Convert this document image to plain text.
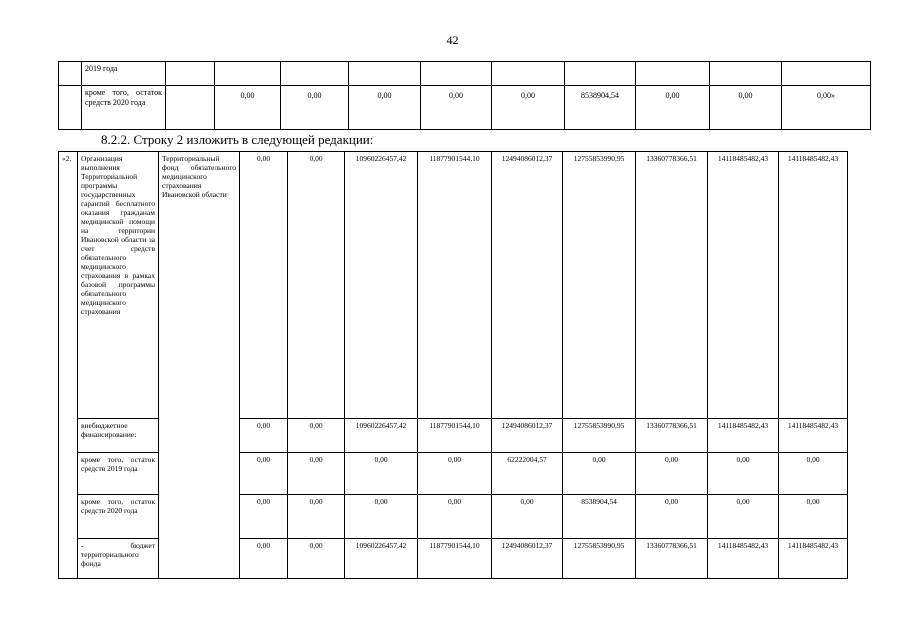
42
	2019 года										
	кроме того, остаток средств 2020 года		0,00	0,00	0,00	0,00	0,00	8538904,54	0,00	0,00	0,00»
8.2.2. Строку 2 изложить в следующей редакции:
«2.	Организация выполнения Территориальной программы государственных гарантий бесплатного оказания гражданам медицинской помощи на территории Ивановской области за счет средств обязательного медицинского страхования в рамках базовой программы обязательного медицинского страхования	Территориальный фонд обязательного медицинского страхования Ивановской области	0,00	0,00	10960226457,42	11877901544,10	12494086012,37	12755853990,95	13360778366,51	14118485482,43	14118485482,43
	внебюджетное финансирование:		0,00	0,00	10960226457,42	11877901544,10	12494086012,37	12755853990,95	13360778366,51	14118485482,43	14118485482,43
	кроме того, остаток средств 2019 года		0,00	0,00	0,00	0,00	62222004,57	0,00	0,00	0,00	0,00
	кроме того, остаток средств 2020 года		0,00	0,00	0,00	0,00	0,00	8538904,54	0,00	0,00	0,00
	- бюджет территориального фонда		0,00	0,00	10960226457,42	11877901544,10	12494086012,37	12755853990,95	13360778366,51	14118485482,43	14118485482,43
